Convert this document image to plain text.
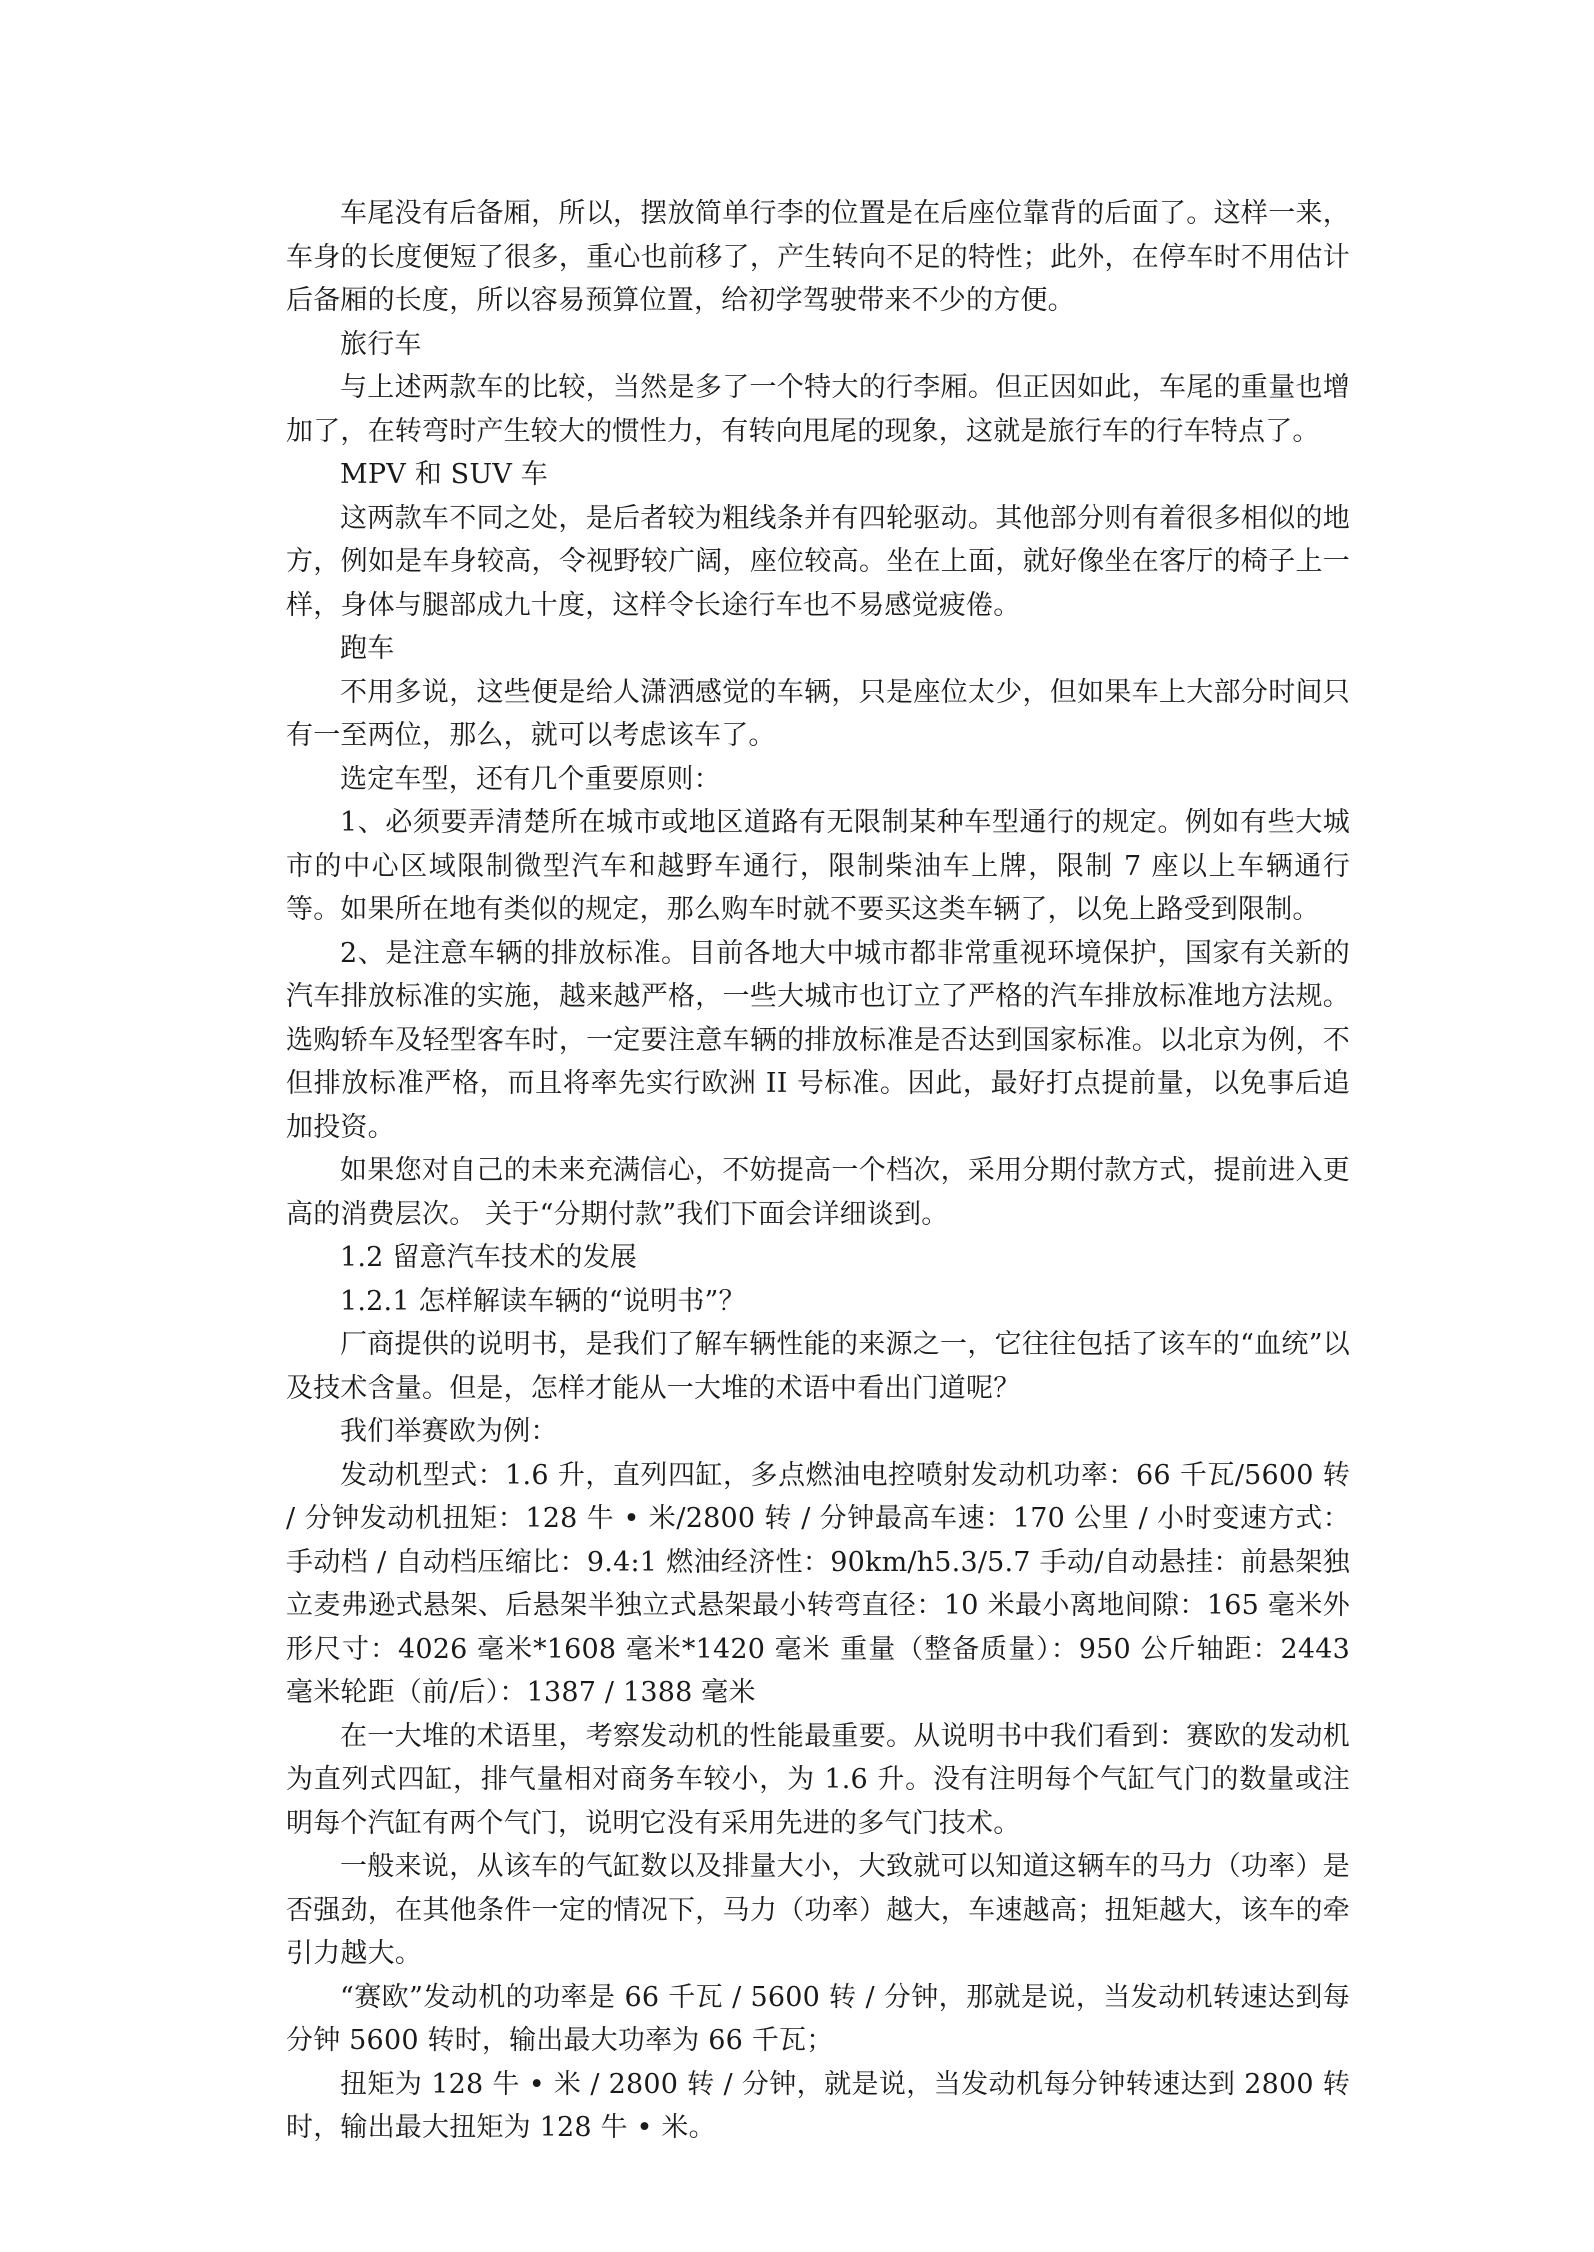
车尾没有后备厢，所以，摆放简单行李的位置是在后座位靠背的后面了。这样一来，车身的长度便短了很多，重心也前移了，产生转向不足的特性；此外，在停车时不用估计后备厢的长度，所以容易预算位置，给初学驾驶带来不少的方便。

旅行车

与上述两款车的比较，当然是多了一个特大的行李厢。但正因如此，车尾的重量也增加了，在转弯时产生较大的惯性力，有转向甩尾的现象，这就是旅行车的行车特点了。

MPV 和 SUV 车

这两款车不同之处，是后者较为粗线条并有四轮驱动。其他部分则有着很多相似的地方，例如是车身较高，令视野较广阔，座位较高。坐在上面，就好像坐在客厅的椅子上一样，身体与腿部成九十度，这样令长途行车也不易感觉疲倦。

跑车

不用多说，这些便是给人潇洒感觉的车辆，只是座位太少，但如果车上大部分时间只有一至两位，那么，就可以考虑该车了。

选定车型，还有几个重要原则：

1、必须要弄清楚所在城市或地区道路有无限制某种车型通行的规定。例如有些大城市的中心区域限制微型汽车和越野车通行，限制柴油车上牌，限制 7 座以上车辆通行等。如果所在地有类似的规定，那么购车时就不要买这类车辆了，以免上路受到限制。

2、是注意车辆的排放标准。目前各地大中城市都非常重视环境保护，国家有关新的汽车排放标准的实施，越来越严格，一些大城市也订立了严格的汽车排放标准地方法规。选购轿车及轻型客车时，一定要注意车辆的排放标准是否达到国家标准。以北京为例，不但排放标准严格，而且将率先实行欧洲 II 号标准。因此，最好打点提前量，以免事后追加投资。

如果您对自己的未来充满信心，不妨提高一个档次，采用分期付款方式，提前进入更高的消费层次。 关于“分期付款”我们下面会详细谈到。

1.2 留意汽车技术的发展

1.2.1 怎样解读车辆的“说明书”？

厂商提供的说明书，是我们了解车辆性能的来源之一，它往往包括了该车的“血统”以及技术含量。但是，怎样才能从一大堆的术语中看出门道呢？

我们举赛欧为例：

发动机型式：1.6 升，直列四缸，多点燃油电控喷射发动机功率：66 千瓦/5600 转 / 分钟发动机扭矩：128 牛 • 米/2800 转 / 分钟最高车速：170 公里 / 小时变速方式：手动档 / 自动档压缩比：9.4:1 燃油经济性：90km/h5.3/5.7 手动/自动悬挂：前悬架独立麦弗逊式悬架、后悬架半独立式悬架最小转弯直径：10 米最小离地间隙：165 毫米外形尺寸：4026 毫米*1608 毫米*1420 毫米 重量（整备质量）：950 公斤轴距：2443 毫米轮距（前/后）：1387 / 1388 毫米

在一大堆的术语里，考察发动机的性能最重要。从说明书中我们看到：赛欧的发动机为直列式四缸，排气量相对商务车较小，为 1.6 升。没有注明每个气缸气门的数量或注明每个汽缸有两个气门，说明它没有采用先进的多气门技术。

一般来说，从该车的气缸数以及排量大小，大致就可以知道这辆车的马力（功率）是否强劲，在其他条件一定的情况下，马力（功率）越大，车速越高；扭矩越大，该车的牵引力越大。

“赛欧”发动机的功率是 66 千瓦 / 5600 转 / 分钟，那就是说，当发动机转速达到每分钟 5600 转时，输出最大功率为 66 千瓦；

扭矩为 128 牛 • 米 / 2800 转 / 分钟，就是说，当发动机每分钟转速达到 2800 转时，输出最大扭矩为 128 牛 • 米。
